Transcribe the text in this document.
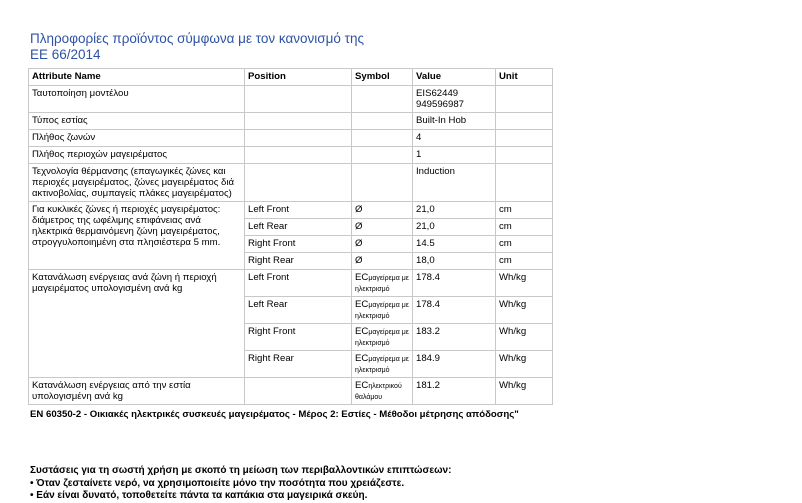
Πληροφορίες προϊόντος σύμφωνα με τον κανονισμό της
EE 66/2014
Attribute Name	Position	Symbol	Value	Unit
Ταυτοποίηση μοντέλου			EIS62449
949596987	

Τύπος εστίας			Built-In Hob	
Πλήθος ζωνών			4	
Πλήθος περιοχών μαγειρέματος			1	
Τεχνολογία θέρμανσης (επαγωγικές ζώνες και περιοχές μαγειρέματος, ζώνες μαγειρέματος διά ακτινοβολίας, συμπαγείς πλάκες μαγειρέματος)			Induction	
Για κυκλικές ζώνες ή περιοχές μαγειρέματος: διάμετρος της ωφέλιμης επιφάνειας ανά ηλεκτρικά θερμαινόμενη ζώνη μαγειρέματος, στρογγυλοποιημένη στα πλησιέστερα 5 mm.	Left Front	Ø	21,0	cm
	Left Rear	Ø	21,0	cm
	Right Front	Ø	14.5	cm
	Right Rear	Ø	18,0	cm
Κατανάλωση ενέργειας ανά ζώνη ή περιοχή μαγειρέματος υπολογισμένη ανά kg	Left Front	ECμαγείρεμα με ηλεκτρισμό	178.4	Wh/kg
	Left Rear	ECμαγείρεμα με ηλεκτρισμό	178.4	Wh/kg
	Right Front	ECμαγείρεμα με ηλεκτρισμό	183.2	Wh/kg
	Right Rear	ECμαγείρεμα με ηλεκτρισμό	184.9	Wh/kg
Κατανάλωση ενέργειας από την εστία υπολογισμένη ανά kg		ECηλεκτρικού θαλάμου	181.2	Wh/kg
EN 60350-2 - Οικιακές ηλεκτρικές συσκευές μαγειρέματος - Μέρος 2: Εστίες - Μέθοδοι μέτρησης απόδοσης"
Συστάσεις για τη σωστή χρήση με σκοπό τη μείωση των περιβαλλοντικών επιπτώσεων:
• Όταν ζεσταίνετε νερό, να χρησιμοποιείτε μόνο την ποσότητα που χρειάζεστε.
• Εάν είναι δυνατό, τοποθετείτε πάντα τα καπάκια στα μαγειρικά σκεύη.
